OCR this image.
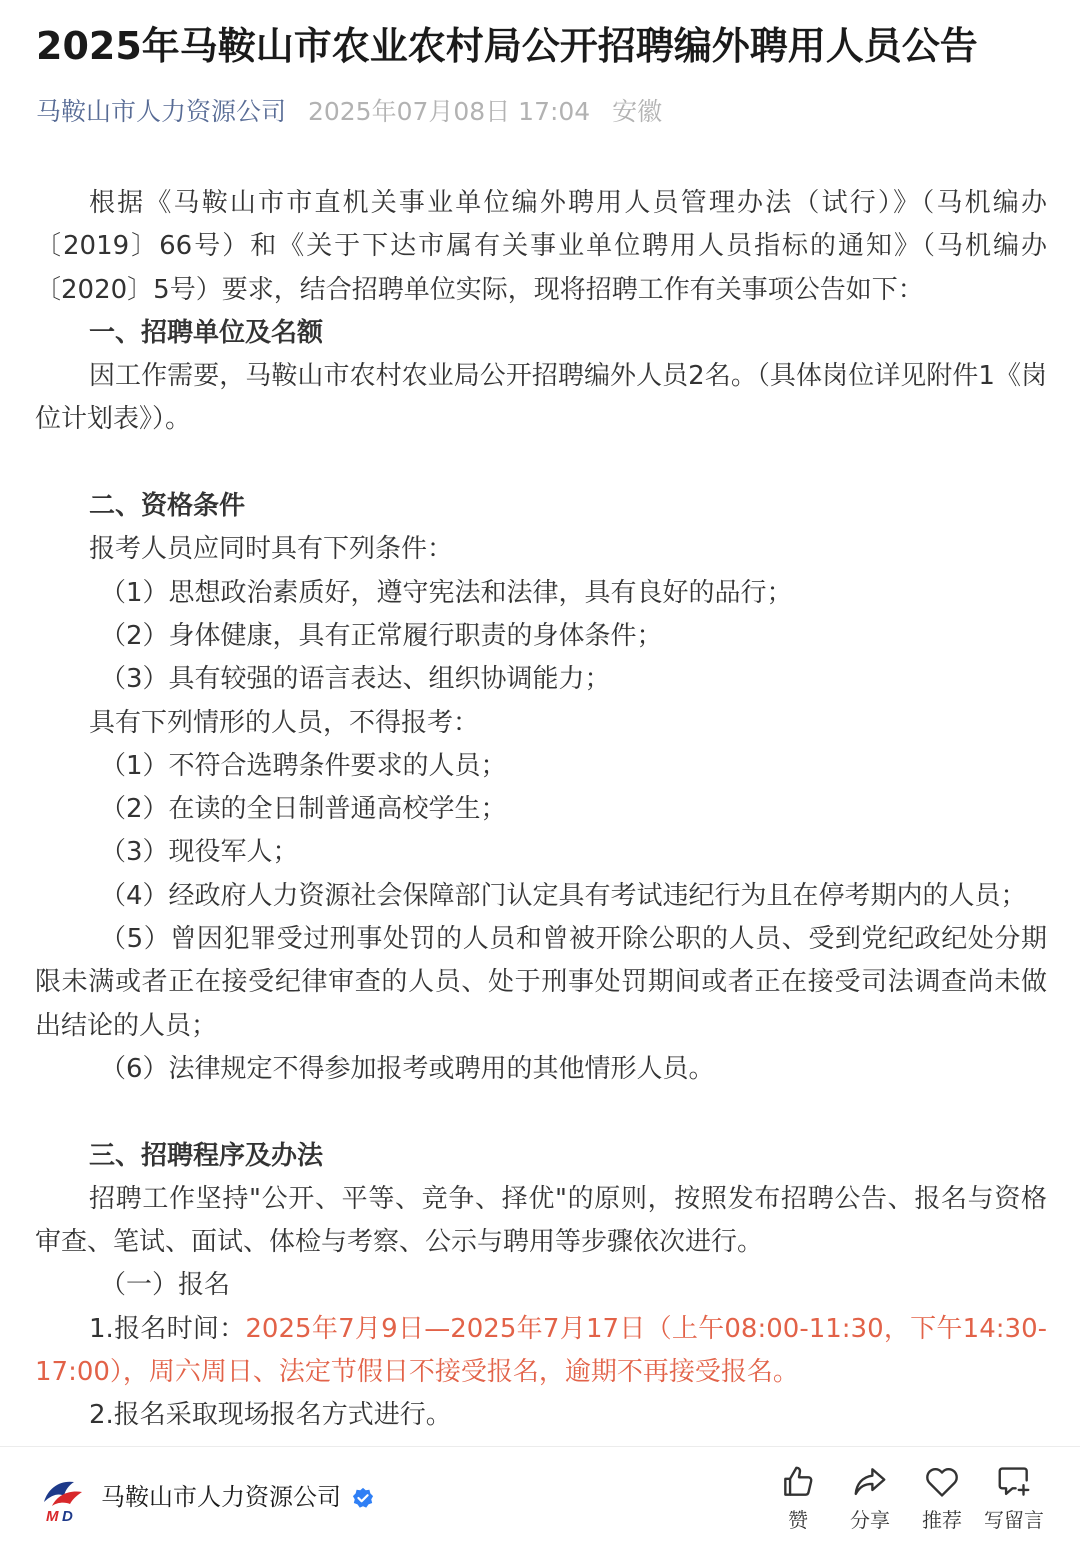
2025年马鞍山市农业农村局公开招聘编外聘用人员公告
马鞍山市人力资源公司 2025年07月08日 17:04 安徽

根据《马鞍山市市直机关事业单位编外聘用人员管理办法（试行）》（马机编办〔2019〕66号）和《关于下达市属有关事业单位聘用人员指标的通知》（马机编办〔2020〕5号）要求，结合招聘单位实际，现将招聘工作有关事项公告如下：

一、招聘单位及名额

因工作需要，马鞍山市农村农业局公开招聘编外人员2名。（具体岗位详见附件1《岗位计划表》）。

二、资格条件

报考人员应同时具有下列条件：

（1）思想政治素质好，遵守宪法和法律，具有良好的品行；

（2）身体健康，具有正常履行职责的身体条件；

（3）具有较强的语言表达、组织协调能力；

具有下列情形的人员，不得报考：

（1）不符合选聘条件要求的人员；

（2）在读的全日制普通高校学生；

（3）现役军人；

（4）经政府人力资源社会保障部门认定具有考试违纪行为且在停考期内的人员；

（5）曾因犯罪受过刑事处罚的人员和曾被开除公职的人员、受到党纪政纪处分期限未满或者正在接受纪律审查的人员、处于刑事处罚期间或者正在接受司法调查尚未做出结论的人员；

（6）法律规定不得参加报考或聘用的其他情形人员。

三、招聘程序及办法

招聘工作坚持"公开、平等、竞争、择优"的原则，按照发布招聘公告、报名与资格审查、笔试、面试、体检与考察、公示与聘用等步骤依次进行。

（一）报名

1.报名时间：2025年7月9日—2025年7月17日（上午08:00-11:30，下午14:30-17:00），周六周日、法定节假日不接受报名，逾期不再接受报名。

2.报名采取现场报名方式进行。

M D
马鞍山市人力资源公司
赞	分享	推荐	写留言
